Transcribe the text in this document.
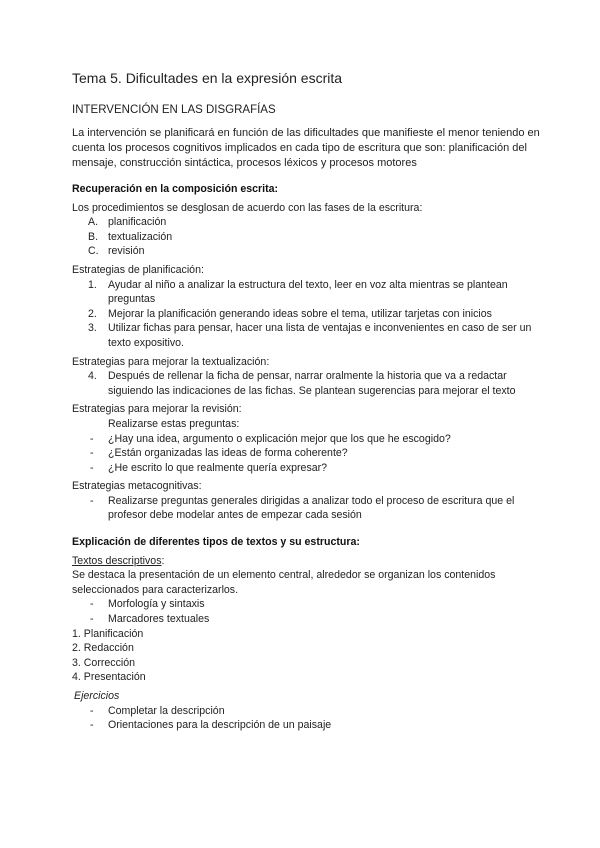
Tema 5. Dificultades en la expresión escrita
INTERVENCIÓN EN LAS DISGRAFÍAS

La intervención se planificará en función de las dificultades que manifieste el menor teniendo en cuenta los procesos cognitivos implicados en cada tipo de escritura que son: planificación del mensaje, construcción sintáctica, procesos léxicos y procesos motores

Recuperación en la composición escrita:

Los procedimientos se desglosan de acuerdo con las fases de la escritura:

A. planificación
B. textualización
C. revisión

Estrategias de planificación:

1. Ayudar al niño a analizar la estructura del texto, leer en voz alta mientras se plantean preguntas
2. Mejorar la planificación generando ideas sobre el tema, utilizar tarjetas con inicios
3. Utilizar fichas para pensar, hacer una lista de ventajas e inconvenientes en caso de ser un texto expositivo.

Estrategias para mejorar la textualización:

4. Después de rellenar la ficha de pensar, narrar oralmente la historia que va a redactar siguiendo las indicaciones de las fichas. Se plantean sugerencias para mejorar el texto

Estrategias para mejorar la revisión:

Realizarse estas preguntas:

- ¿Hay una idea, argumento o explicación mejor que los que he escogido?
- ¿Están organizadas las ideas de forma coherente?
- ¿He escrito lo que realmente quería expresar?

Estrategias metacognitivas:

- Realizarse preguntas generales dirigidas a analizar todo el proceso de escritura que el profesor debe modelar antes de empezar cada sesión

Explicación de diferentes tipos de textos y su estructura:

Textos descriptivos:

Se destaca la presentación de un elemento central, alrededor se organizan los contenidos seleccionados para caracterizarlos.

- Morfología y sintaxis
- Marcadores textuales

1. Planificación

2. Redacción

3. Corrección

4. Presentación

Ejercicios

- Completar la descripción
- Orientaciones para la descripción de un paisaje
